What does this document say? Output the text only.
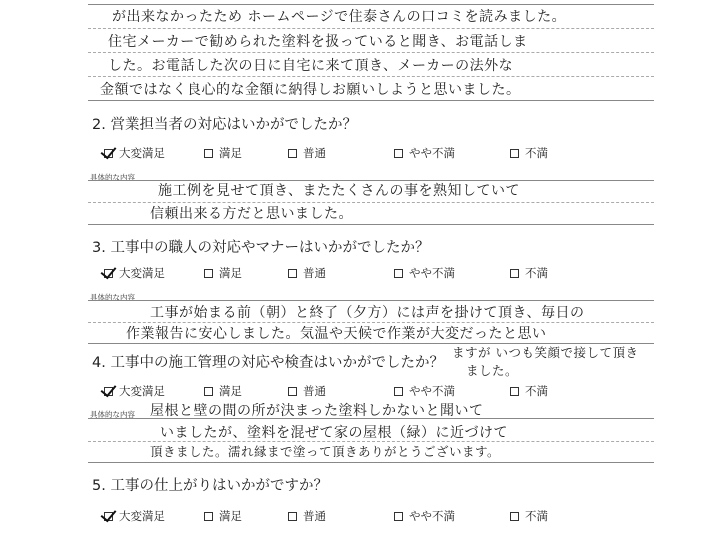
が出来なかったため ホームページで住泰さんの口コミを読みました。
住宅メーカーで勧められた塗料を扱っていると聞き、お電話しま
した。お電話した次の日に自宅に来て頂き、メーカーの法外な
金額ではなく良心的な金額に納得しお願いしようと思いました。
2. 営業担当者の対応はいかがでしたか？
大変満足	満足	普通	やや不満	不満
具体的な内容
施工例を見せて頂き、またたくさんの事を熟知していて
信頼出来る方だと思いました。
3. 工事中の職人の対応やマナーはいかがでしたか？
大変満足	満足	普通	やや不満	不満
具体的な内容
工事が始まる前（朝）と終了（夕方）には声を掛けて頂き、毎日の
作業報告に安心しました。気温や天候で作業が大変だったと思い
4. 工事中の施工管理の対応や検査はいかがでしたか？
ますが いつも笑顔で接して頂き
ました。
大変満足	満足	普通	やや不満	不満
具体的な内容 屋根と壁の間の所が決まった塗料しかないと聞いて
いましたが、塗料を混ぜて家の屋根（緑）に近づけて
頂きました。濡れ縁まで塗って頂きありがとうございます。
5. 工事の仕上がりはいかがですか？
大変満足	満足	普通	やや不満	不満
